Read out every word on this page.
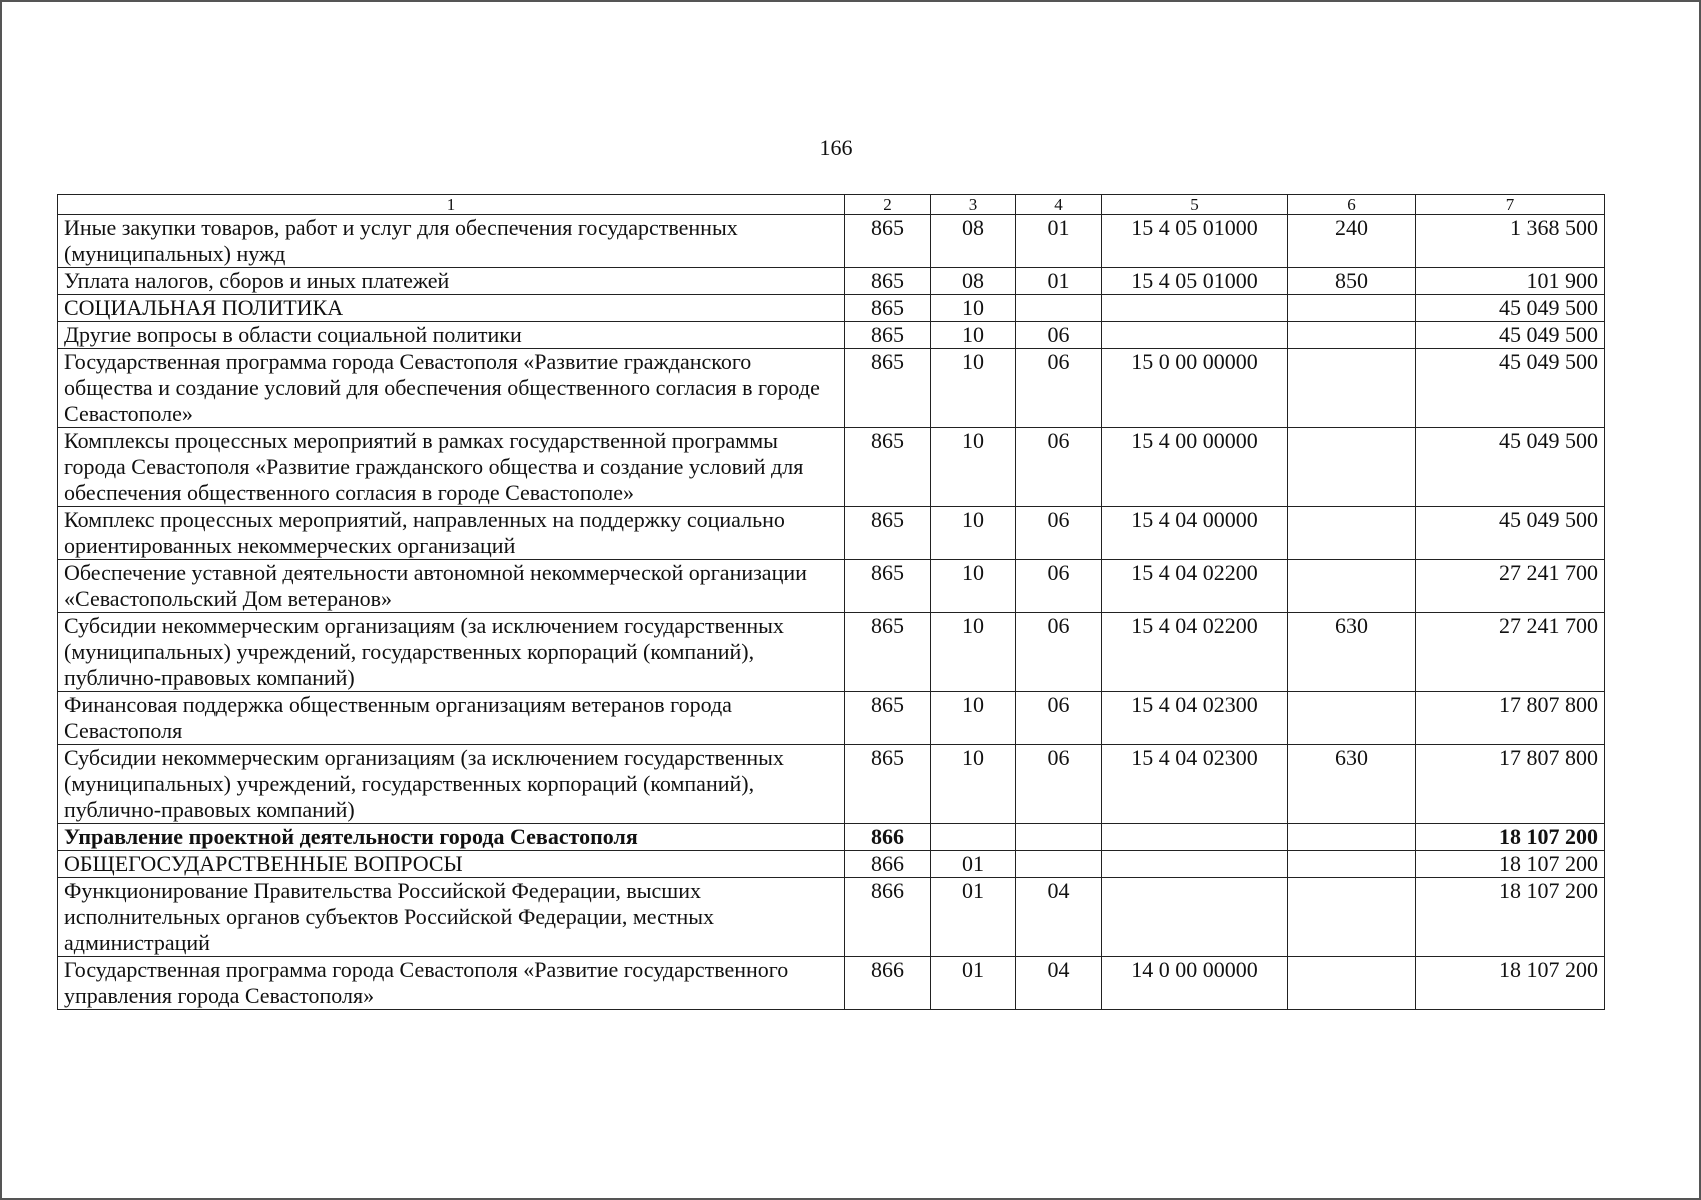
166
1	2	3	4	5	6	7
Иные закупки товаров, работ и услуг для обеспечения государственных (муниципальных) нужд	865	08	01	15 4 05 01000	240	1 368 500
Уплата налогов, сборов и иных платежей	865	08	01	15 4 05 01000	850	101 900
СОЦИАЛЬНАЯ ПОЛИТИКА	865	10				45 049 500
Другие вопросы в области социальной политики	865	10	06			45 049 500
Государственная программа города Севастополя «Развитие гражданского общества и создание условий для обеспечения общественного согласия в городе Севастополе»	865	10	06	15 0 00 00000		45 049 500
Комплексы процессных мероприятий в рамках государственной программы города Севастополя «Развитие гражданского общества и создание условий для обеспечения общественного согласия в городе Севастополе»	865	10	06	15 4 00 00000		45 049 500
Комплекс процессных мероприятий, направленных на поддержку социально ориентированных некоммерческих организаций	865	10	06	15 4 04 00000		45 049 500
Обеспечение уставной деятельности автономной некоммерческой организации «Севастопольский Дом ветеранов»	865	10	06	15 4 04 02200		27 241 700
Субсидии некоммерческим организациям (за исключением государственных (муниципальных) учреждений, государственных корпораций (компаний), публично-правовых компаний)	865	10	06	15 4 04 02200	630	27 241 700
Финансовая поддержка общественным организациям ветеранов города Севастополя	865	10	06	15 4 04 02300		17 807 800
Субсидии некоммерческим организациям (за исключением государственных (муниципальных) учреждений, государственных корпораций (компаний), публично-правовых компаний)	865	10	06	15 4 04 02300	630	17 807 800
Управление проектной деятельности города Севастополя	866					18 107 200
ОБЩЕГОСУДАРСТВЕННЫЕ ВОПРОСЫ	866	01				18 107 200
Функционирование Правительства Российской Федерации, высших исполнительных органов субъектов Российской Федерации, местных администраций	866	01	04			18 107 200
Государственная программа города Севастополя «Развитие государственного управления города Севастополя»	866	01	04	14 0 00 00000		18 107 200
